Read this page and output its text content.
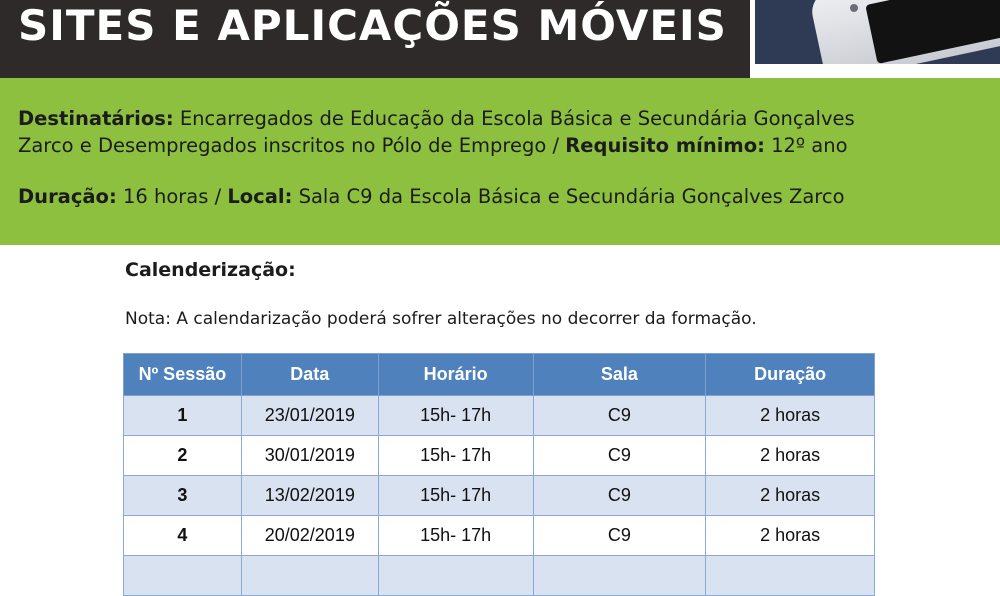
SITES E APLICAÇÕES MÓVEIS

Destinatários: Encarregados de Educação da Escola Básica e Secundária Gonçalves

Zarco e Desempregados inscritos no Pólo de Emprego / Requisito mínimo: 12º ano

Duração: 16 horas / Local: Sala C9 da Escola Básica e Secundária Gonçalves Zarco

Calenderização:

Nota: A calendarização poderá sofrer alterações no decorrer da formação.

Nº Sessão	Data	Horário	Sala	Duração
1	23/01/2019	15h- 17h	C9	2 horas
2	30/01/2019	15h- 17h	C9	2 horas
3	13/02/2019	15h- 17h	C9	2 horas
4	20/02/2019	15h- 17h	C9	2 horas
